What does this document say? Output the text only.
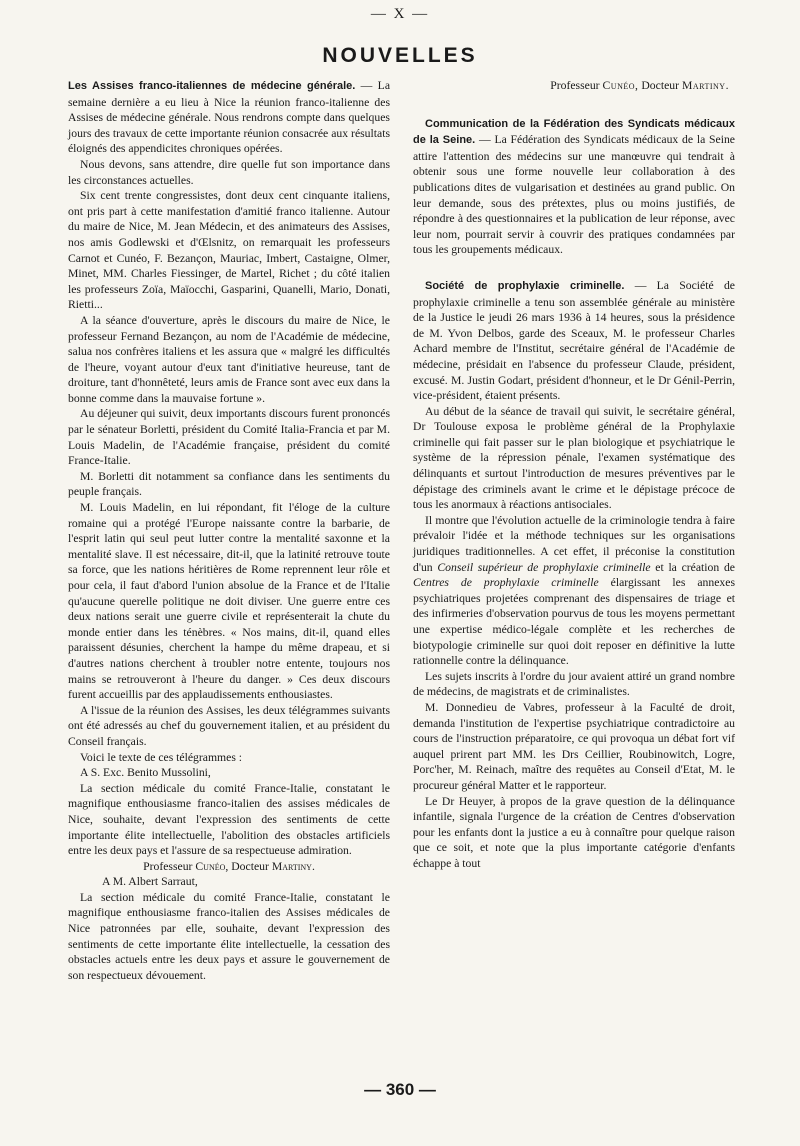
— X —
NOUVELLES

Les Assises franco-italiennes de médecine générale. — La semaine dernière a eu lieu à Nice la réunion franco-italienne des Assises de médecine générale. Nous rendrons compte dans quelques jours des travaux de cette importante réunion consacrée aux résultats éloignés des appendicites chroniques opérées.

Nous devons, sans attendre, dire quelle fut son importance dans les circonstances actuelles.

Six cent trente congressistes, dont deux cent cinquante italiens, ont pris part à cette manifestation d'amitié franco italienne. Autour du maire de Nice, M. Jean Médecin, et des animateurs des Assises, nos amis Godlewski et d'Œlsnitz, on remarquait les professeurs Carnot et Cunéo, F. Bezançon, Mauriac, Imbert, Castaigne, Olmer, Minet, MM. Charles Fiessinger, de Martel, Richet ; du côté italien les professeurs Zoïa, Maïocchi, Gasparini, Quanelli, Mario, Donati, Rietti...

A la séance d'ouverture, après le discours du maire de Nice, le professeur Fernand Bezançon, au nom de l'Académie de médecine, salua nos confrères italiens et les assura que « malgré les difficultés de l'heure, voyant autour d'eux tant d'initiative heureuse, tant de droiture, tant d'honnêteté, leurs amis de France sont avec eux dans la bonne comme dans la mauvaise fortune ».

Au déjeuner qui suivit, deux importants discours furent prononcés par le sénateur Borletti, président du Comité Italia-Francia et par M. Louis Madelin, de l'Académie française, président du comité France-Italie.

M. Borletti dit notamment sa confiance dans les sentiments du peuple français.

M. Louis Madelin, en lui répondant, fit l'éloge de la culture romaine qui a protégé l'Europe naissante contre la barbarie, de l'esprit latin qui seul peut lutter contre la mentalité saxonne et la mentalité slave. Il est nécessaire, dit-il, que la latinité retrouve toute sa force, que les nations héritières de Rome reprennent leur rôle et pour cela, il faut d'abord l'union absolue de la France et de l'Italie qu'aucune querelle politique ne doit diviser. Une guerre entre ces deux nations serait une guerre civile et représenterait la chute du monde entier dans les ténèbres. « Nos mains, dit-il, quand elles paraissent désunies, cherchent la hampe du même drapeau, et si d'autres nations cherchent à troubler notre entente, toujours nos mains se retrouveront à l'heure du danger. » Ces deux discours furent accueillis par des applaudissements enthousiastes.

A l'issue de la réunion des Assises, les deux télégrammes suivants ont été adressés au chef du gouvernement italien, et au président du Conseil français.

Voici le texte de ces télégrammes :

A S. Exc. Benito Mussolini,

La section médicale du comité France-Italie, constatant le magnifique enthousiasme franco-italien des assises médicales de Nice, souhaite, devant l'expression des sentiments de cette importante élite intellectuelle, l'abolition des obstacles artificiels entre les deux pays et l'assure de sa respectueuse admiration.

Professeur Cunéo, Docteur Martiny.

A M. Albert Sarraut,

La section médicale du comité France-Italie, constatant le magnifique enthousiasme franco-italien des Assises médicales de Nice patronnées par elle, souhaite, devant l'expression des sentiments de cette importante élite intellectuelle, la cessation des obstacles actuels entre les deux pays et assure le gouvernement de son respectueux dévouement.

Professeur Cunéo, Docteur Martiny.

Communication de la Fédération des Syndicats médicaux de la Seine. — La Fédération des Syndicats médicaux de la Seine attire l'attention des médecins sur une manœuvre qui tendrait à obtenir sous une forme nouvelle leur collaboration à des publications dites de vulgarisation et destinées au grand public. On leur demande, sous des prétextes, plus ou moins justifiés, de répondre à des questionnaires et la publication de leur réponse, avec leur nom, pourrait servir à couvrir des pratiques condamnées par tous les groupements médicaux.

Société de prophylaxie criminelle. — La Société de prophylaxie criminelle a tenu son assemblée générale au ministère de la Justice le jeudi 26 mars 1936 à 14 heures, sous la présidence de M. Yvon Delbos, garde des Sceaux, M. le professeur Charles Achard membre de l'Institut, secrétaire général de l'Académie de médecine, présidait en l'absence du professeur Claude, président, excusé. M. Justin Godart, président d'honneur, et le Dr Génil-Perrin, vice-président, étaient présents.

Au début de la séance de travail qui suivit, le secrétaire général, Dr Toulouse exposa le problème général de la Prophylaxie criminelle qui fait passer sur le plan biologique et psychiatrique le système de la répression pénale, l'examen systématique des délinquants et surtout l'introduction de mesures préventives par le dépistage des criminels avant le crime et le dépistage précoce de tous les anormaux à réactions antisociales.

Il montre que l'évolution actuelle de la criminologie tendra à faire prévaloir l'idée et la méthode techniques sur les organisations juridiques traditionnelles. A cet effet, il préconise la constitution d'un Conseil supérieur de prophylaxie criminelle et la création de Centres de prophylaxie criminelle élargissant les annexes psychiatriques projetées comprenant des dispensaires de triage et des infirmeries d'observation pourvus de tous les moyens permettant une expertise médico-légale complète et les recherches de biotypologie criminelle sur quoi doit reposer en définitive la lutte rationnelle contre la délinquance.

Les sujets inscrits à l'ordre du jour avaient attiré un grand nombre de médecins, de magistrats et de criminalistes.

M. Donnedieu de Vabres, professeur à la Faculté de droit, demanda l'institution de l'expertise psychiatrique contradictoire au cours de l'instruction préparatoire, ce qui provoqua un débat fort vif auquel prirent part MM. les Drs Ceillier, Roubinowitch, Logre, Porc'her, M. Reinach, maître des requêtes au Conseil d'Etat, M. le procureur général Matter et le rapporteur.

Le Dr Heuyer, à propos de la grave question de la délinquance infantile, signala l'urgence de la création de Centres d'observation pour les enfants dont la justice a eu à connaître pour quelque raison que ce soit, et note que la plus importante catégorie d'enfants échappe à tout

— 360 —
